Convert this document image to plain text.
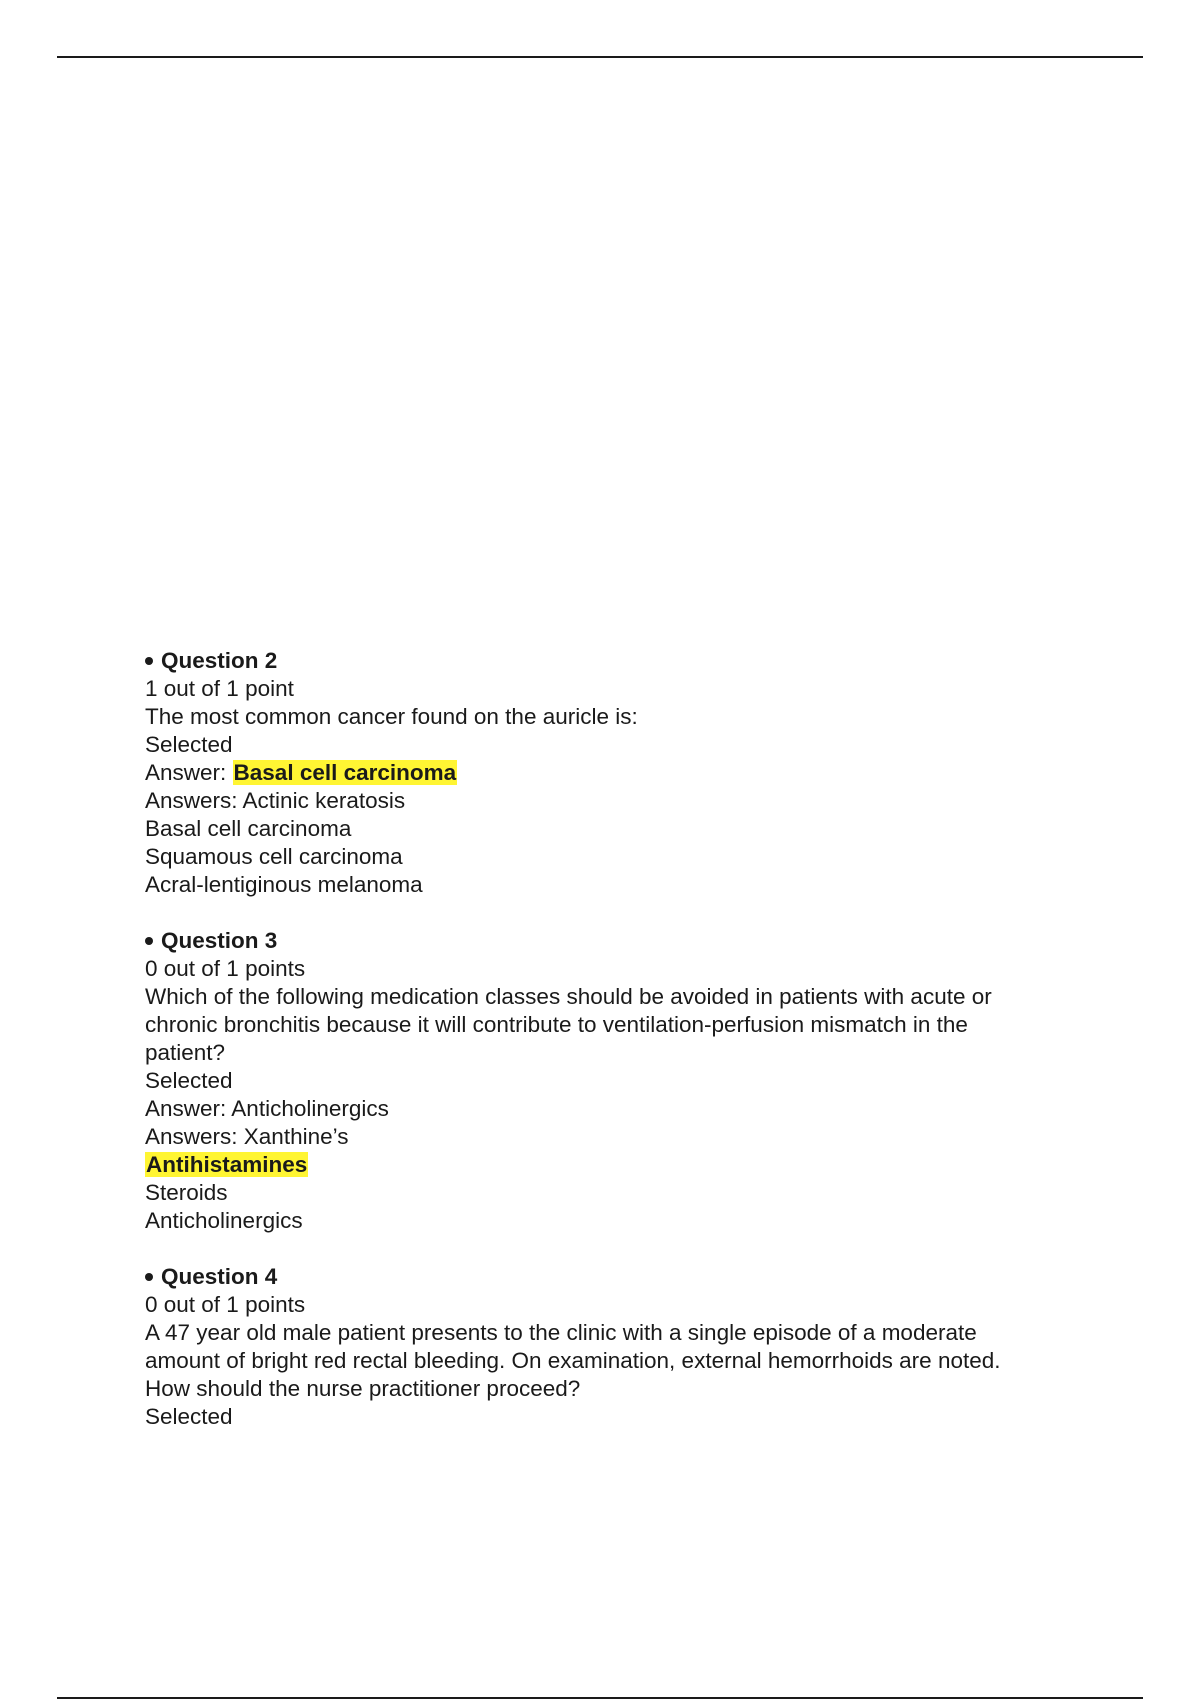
Question 2
1 out of 1 point
The most common cancer found on the auricle is:
Selected
Answer: Basal cell carcinoma
Answers: Actinic keratosis
Basal cell carcinoma
Squamous cell carcinoma
Acral-lentiginous melanoma
Question 3
0 out of 1 points
Which of the following medication classes should be avoided in patients with acute or
chronic bronchitis because it will contribute to ventilation-perfusion mismatch in the
patient?
Selected
Answer: Anticholinergics
Answers: Xanthine’s
Antihistamines
Steroids
Anticholinergics
Question 4
0 out of 1 points
A 47 year old male patient presents to the clinic with a single episode of a moderate
amount of bright red rectal bleeding. On examination, external hemorrhoids are noted.
How should the nurse practitioner proceed?
Selected
